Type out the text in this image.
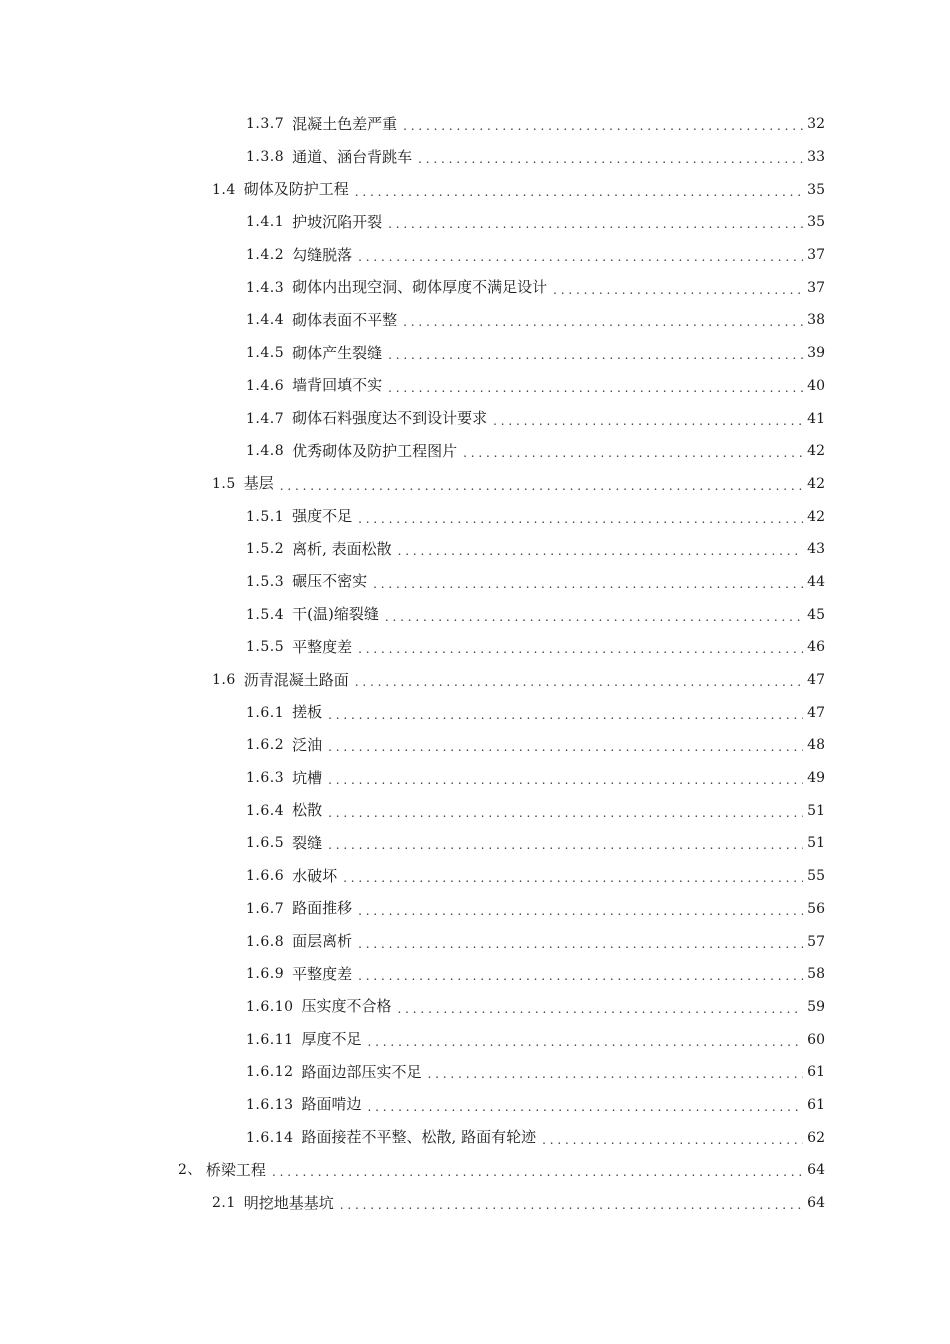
1.3.7 混凝土色差严重 . . .	32
1.3.8 通道、涵台背跳车 . . .	33
1.4 砌体及防护工程 . . .	35
1.4.1 护坡沉陷开裂 . . .	35
1.4.2 勾缝脱落 . . .	37
1.4.3 砌体内出现空洞、砌体厚度不满足设计 . . .	37
1.4.4 砌体表面不平整 . . .	38
1.4.5 砌体产生裂缝 . . .	39
1.4.6 墙背回填不实 . . .	40
1.4.7 砌体石料强度达不到设计要求 . . .	41
1.4.8 优秀砌体及防护工程图片 . . .	42
1.5 基层 . . .	42
1.5.1 强度不足 . . .	42
1.5.2 离析, 表面松散 . . .	43
1.5.3 碾压不密实 . . .	44
1.5.4 干(温)缩裂缝 . . .	45
1.5.5 平整度差 . . .	46
1.6 沥青混凝土路面 . . .	47
1.6.1 搓板 . . .	47
1.6.2 泛油 . . .	48
1.6.3 坑槽 . . .	49
1.6.4 松散 . . .	51
1.6.5 裂缝 . . .	51
1.6.6 水破坏 . . .	55
1.6.7 路面推移 . . .	56
1.6.8 面层离析 . . .	57
1.6.9 平整度差 . . .	58
1.6.10 压实度不合格 . . .	59
1.6.11 厚度不足 . . .	60
1.6.12 路面边部压实不足 . . .	61
1.6.13 路面啃边 . . .	61
1.6.14 路面接茬不平整、松散, 路面有轮迹 . . .	62
2、 桥梁工程 . . .	64
2.1 明挖地基基坑 . . .	64
